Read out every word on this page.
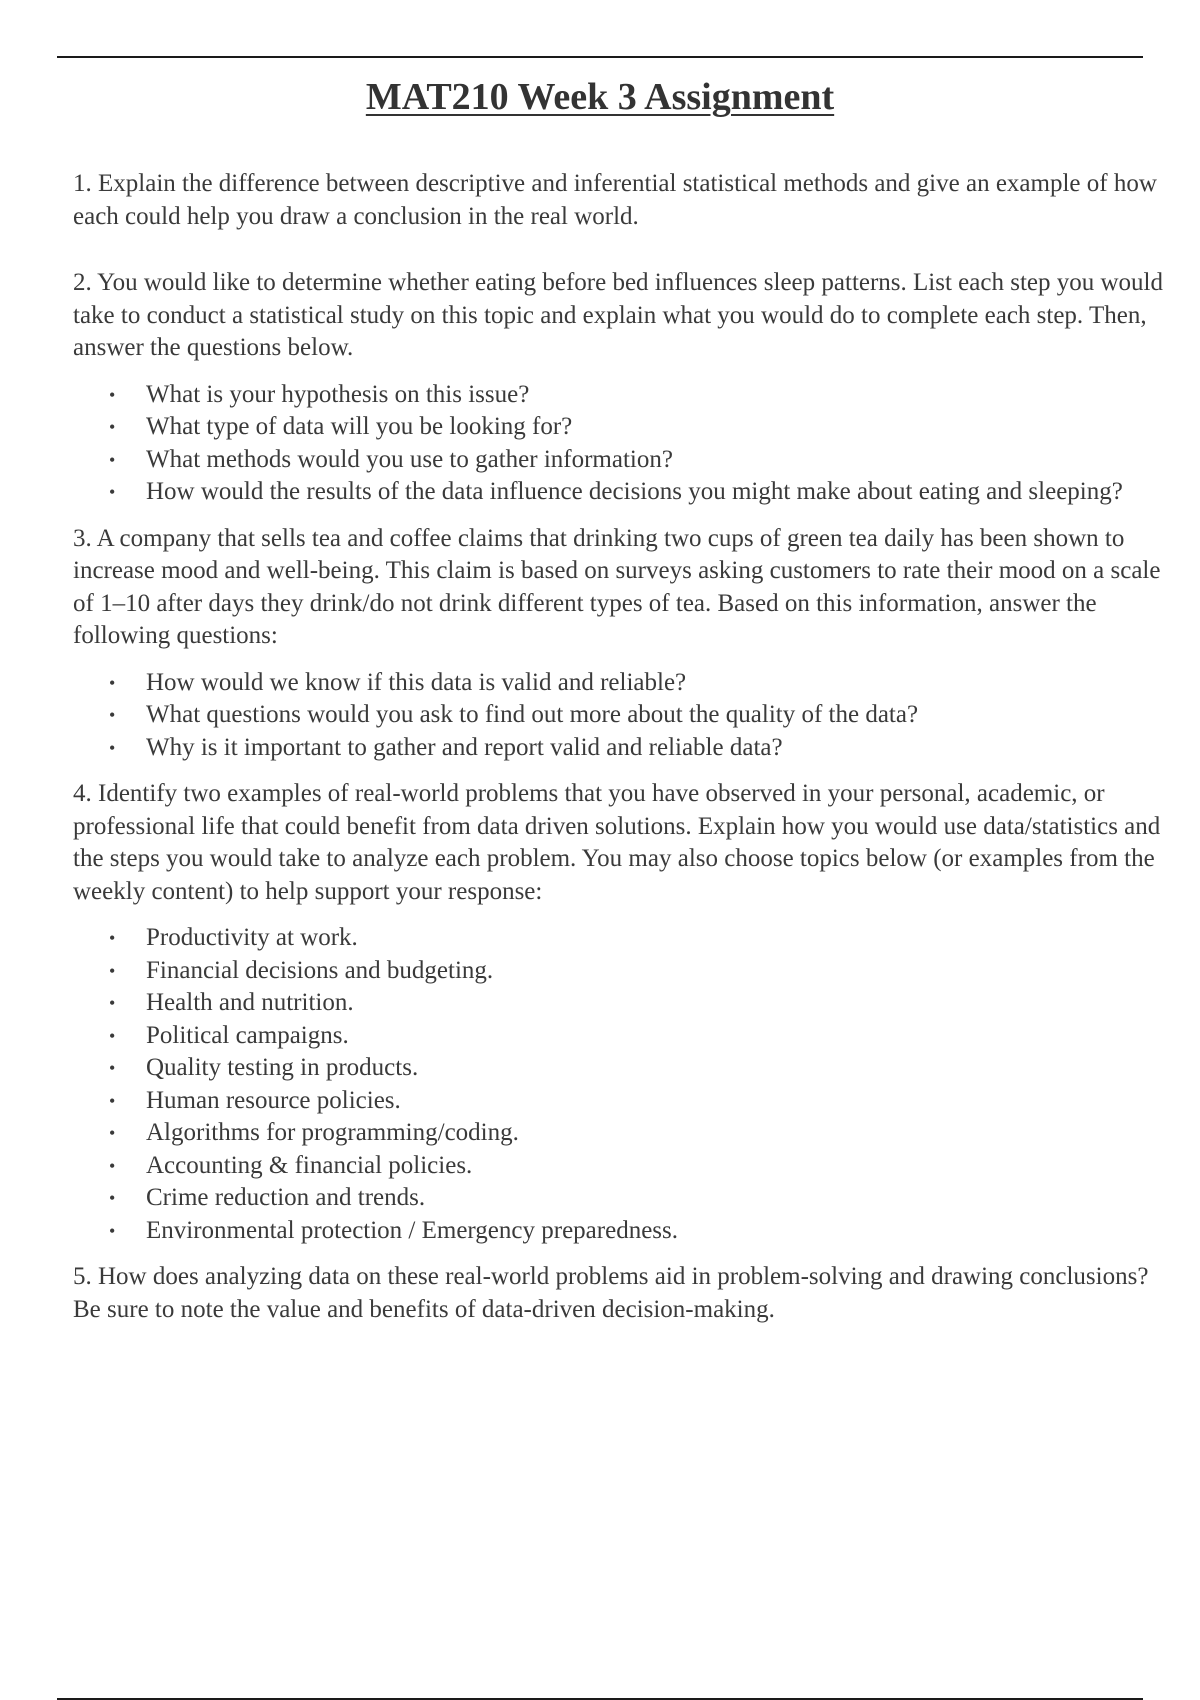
MAT210 Week 3 Assignment

1. Explain the difference between descriptive and inferential statistical methods and give an example of how each could help you draw a conclusion in the real world.

2. You would like to determine whether eating before bed influences sleep patterns. List each step you would take to conduct a statistical study on this topic and explain what you would do to complete each step. Then, answer the questions below.

• What is your hypothesis on this issue?
• What type of data will you be looking for?
• What methods would you use to gather information?
• How would the results of the data influence decisions you might make about eating and sleeping?

3. A company that sells tea and coffee claims that drinking two cups of green tea daily has been shown to increase mood and well-being. This claim is based on surveys asking customers to rate their mood on a scale of 1–10 after days they drink/do not drink different types of tea. Based on this information, answer the following questions:

• How would we know if this data is valid and reliable?
• What questions would you ask to find out more about the quality of the data?
• Why is it important to gather and report valid and reliable data?

4. Identify two examples of real-world problems that you have observed in your personal, academic, or professional life that could benefit from data driven solutions. Explain how you would use data/statistics and the steps you would take to analyze each problem. You may also choose topics below (or examples from the weekly content) to help support your response:

• Productivity at work.
• Financial decisions and budgeting.
• Health and nutrition.
• Political campaigns.
• Quality testing in products.
• Human resource policies.
• Algorithms for programming/coding.
• Accounting & financial policies.
• Crime reduction and trends.
• Environmental protection / Emergency preparedness.

5. How does analyzing data on these real-world problems aid in problem-solving and drawing conclusions? Be sure to note the value and benefits of data-driven decision-making.
